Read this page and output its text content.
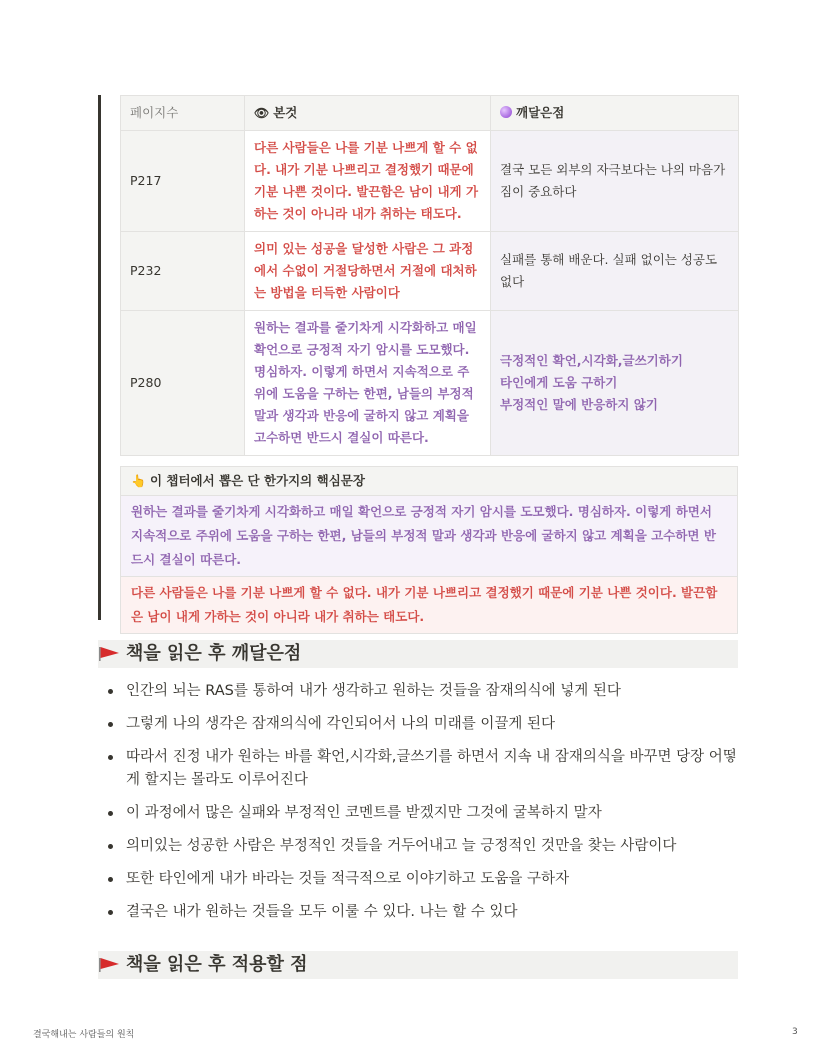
페이지수	👁 본것	깨달은점
P217	다른 사람들은 나를 기분 나쁘게 할 수 없다. 내가 기분 나쁘리고 결정했기 때문에 기분 나쁜 것이다. 발끈함은 남이 내게 가하는 것이 아니라 내가 취하는 태도다.	결국 모든 외부의 자극보다는 나의 마음가짐이 중요하다
P232	의미 있는 성공을 달성한 사람은 그 과정에서 수없이 거절당하면서 거절에 대처하는 방법을 터득한 사람이다	실패를 통해 배운다. 실패 없이는 성공도 없다
P280	원하는 결과를 줄기차게 시각화하고 매일 확언으로 긍정적 자기 암시를 도모했다. 명심하자. 이렇게 하면서 지속적으로 주위에 도움을 구하는 한편, 남들의 부정적 말과 생각과 반응에 굴하지 않고 계획을 고수하면 반드시 결실이 따른다.	극정적인 확언,시각화,글쓰기하기
타인에게 도움 구하기
부정적인 말에 반응하지 않기
👆 이 챕터에서 뽑은 단 한가지의 핵심문장
원하는 결과를 줄기차게 시각화하고 매일 확언으로 긍정적 자기 암시를 도모했다. 명심하자. 이렇게 하면서 지속적으로 주위에 도움을 구하는 한편, 남들의 부정적 말과 생각과 반응에 굴하지 않고 계획을 고수하면 반드시 결실이 따른다.
다른 사람들은 나를 기분 나쁘게 할 수 없다. 내가 기분 나쁘리고 결정했기 때문에 기분 나쁜 것이다. 발끈함은 남이 내게 가하는 것이 아니라 내가 취하는 태도다.
책을 읽은 후 깨달은점
인간의 뇌는 RAS를 통하여 내가 생각하고 원하는 것들을 잠재의식에 넣게 된다
그렇게 나의 생각은 잠재의식에 각인되어서 나의 미래를 이끌게 된다
따라서 진정 내가 원하는 바를 확언,시각화,글쓰기를 하면서 지속 내 잠재의식을 바꾸면 당장 어떻게 할지는 몰라도 이루어진다
이 과정에서 많은 실패와 부정적인 코멘트를 받겠지만 그것에 굴복하지 말자
의미있는 성공한 사람은 부정적인 것들을 거두어내고 늘 긍정적인 것만을 찾는 사람이다
또한 타인에게 내가 바라는 것들 적극적으로 이야기하고 도움을 구하자
결국은 내가 원하는 것들을 모두 이룰 수 있다. 나는 할 수 있다
책을 읽은 후 적용할 점
결국해내는 사람들의 원칙	3
